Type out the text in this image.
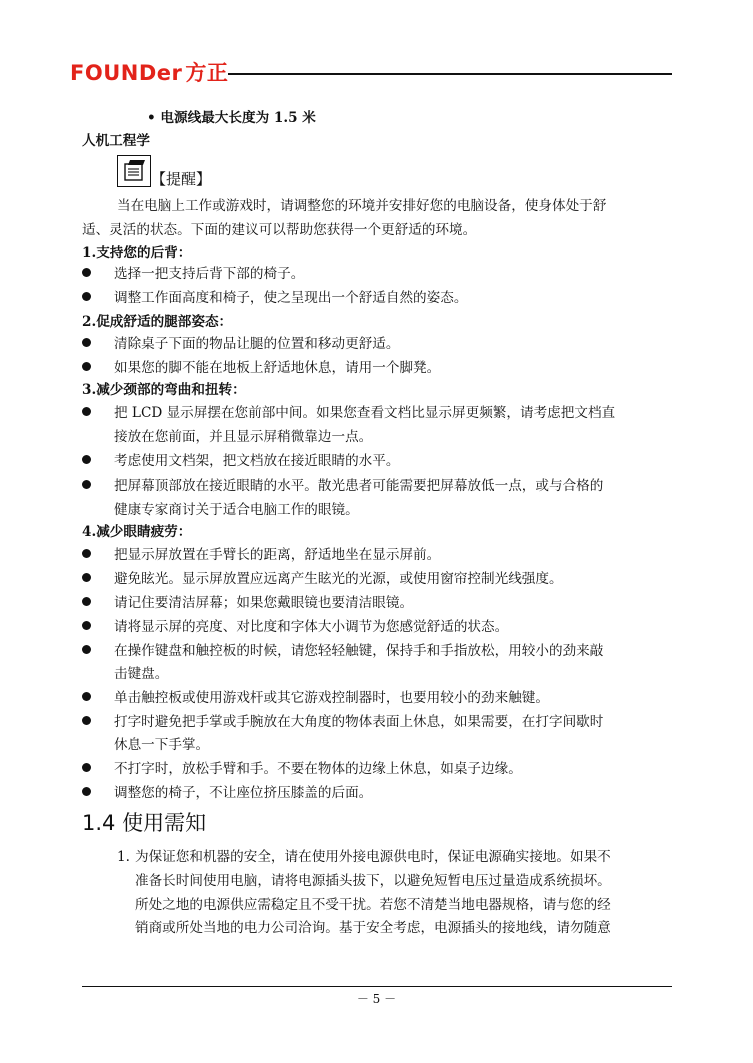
FOUNDer 方正
• 电源线最大长度为 1.5 米
人机工程学
【提醒】
当在电脑上工作或游戏时，请调整您的环境并安排好您的电脑设备，使身体处于舒
适、灵活的状态。下面的建议可以帮助您获得一个更舒适的环境。
1.支持您的后背：
选择一把支持后背下部的椅子。
调整工作面高度和椅子，使之呈现出一个舒适自然的姿态。
2.促成舒适的腿部姿态：
清除桌子下面的物品让腿的位置和移动更舒适。
如果您的脚不能在地板上舒适地休息，请用一个脚凳。
3.减少颈部的弯曲和扭转：
把 LCD 显示屏摆在您前部中间。如果您查看文档比显示屏更频繁，请考虑把文档直
接放在您前面，并且显示屏稍微靠边一点。
考虑使用文档架，把文档放在接近眼睛的水平。
把屏幕顶部放在接近眼睛的水平。散光患者可能需要把屏幕放低一点，或与合格的
健康专家商讨关于适合电脑工作的眼镜。
4.减少眼睛疲劳：
把显示屏放置在手臂长的距离，舒适地坐在显示屏前。
避免眩光。显示屏放置应远离产生眩光的光源，或使用窗帘控制光线强度。
请记住要清洁屏幕；如果您戴眼镜也要清洁眼镜。
请将显示屏的亮度、对比度和字体大小调节为您感觉舒适的状态。
在操作键盘和触控板的时候，请您轻轻触键，保持手和手指放松，用较小的劲来敲
击键盘。
单击触控板或使用游戏杆或其它游戏控制器时，也要用较小的劲来触键。
打字时避免把手掌或手腕放在大角度的物体表面上休息，如果需要，在打字间歇时
休息一下手掌。
不打字时，放松手臂和手。不要在物体的边缘上休息，如桌子边缘。
调整您的椅子，不让座位挤压膝盖的后面。
1.4 使用需知
1. 为保证您和机器的安全，请在使用外接电源供电时，保证电源确实接地。如果不
准备长时间使用电脑，请将电源插头拔下，以避免短暂电压过量造成系统损坏。
所处之地的电源供应需稳定且不受干扰。若您不清楚当地电器规格，请与您的经
销商或所处当地的电力公司洽询。基于安全考虑，电源插头的接地线，请勿随意
－ 5 －
